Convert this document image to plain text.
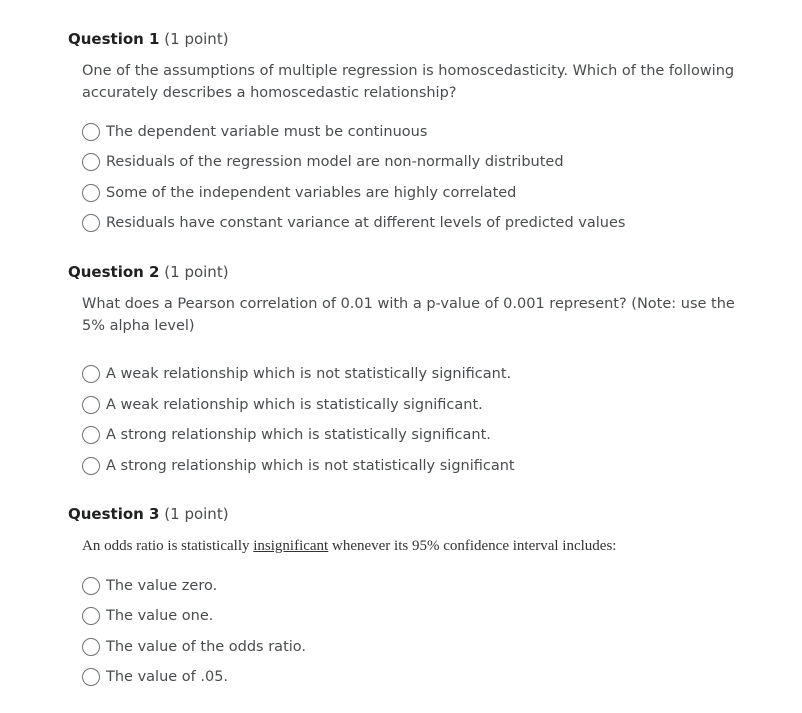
Question 1 (1 point)
One of the assumptions of multiple regression is homoscedasticity. Which of the following accurately describes a homoscedastic relationship?
The dependent variable must be continuous
Residuals of the regression model are non-normally distributed
Some of the independent variables are highly correlated
Residuals have constant variance at different levels of predicted values
Question 2 (1 point)
What does a Pearson correlation of 0.01 with a p-value of 0.001 represent? (Note: use the 5% alpha level)
A weak relationship which is not statistically significant.
A weak relationship which is statistically significant.
A strong relationship which is statistically significant.
A strong relationship which is not statistically significant
Question 3 (1 point)
An odds ratio is statistically insignificant whenever its 95% confidence interval includes:
The value zero.
The value one.
The value of the odds ratio.
The value of .05.
